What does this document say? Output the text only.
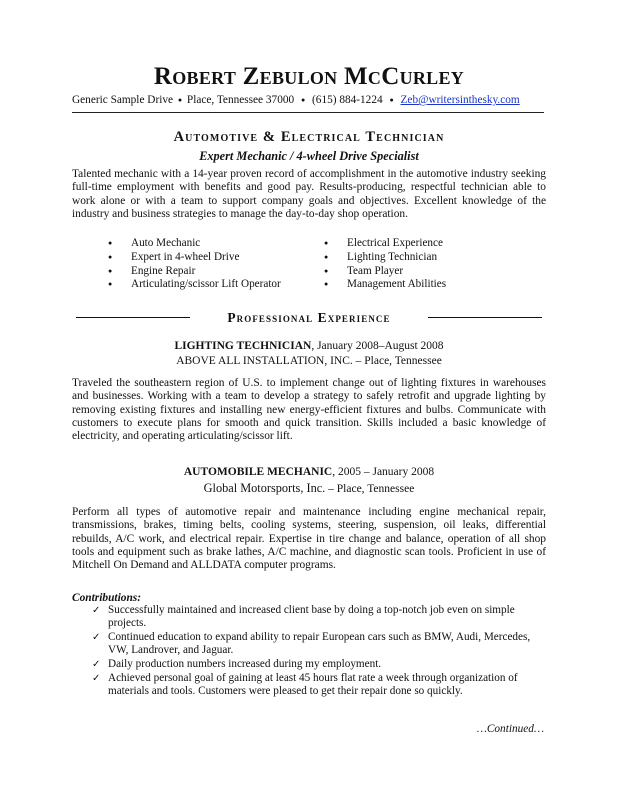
Robert Zebulon McCurley
Generic Sample Drive ● Place, Tennessee 37000 ● (615) 884-1224 ● Zeb@writersinthesky.com
Automotive & Electrical Technician
Expert Mechanic / 4-wheel Drive Specialist
Talented mechanic with a 14-year proven record of accomplishment in the automotive industry seeking full-time employment with benefits and good pay. Results-producing, respectful technician able to work alone or with a team to support company goals and objectives. Excellent knowledge of the industry and business strategies to manage the day-to-day shop operation.
● Auto Mechanic
● Expert in 4-wheel Drive
● Engine Repair
● Articulating/scissor Lift Operator
● Electrical Experience
● Lighting Technician
● Team Player
● Management Abilities
Professional Experience
LIGHTING TECHNICIAN, January 2008–August 2008
ABOVE ALL INSTALLATION, INC. – Place, Tennessee
Traveled the southeastern region of U.S. to implement change out of lighting fixtures in warehouses and businesses. Working with a team to develop a strategy to safely retrofit and upgrade lighting by removing existing fixtures and installing new energy-efficient fixtures and bulbs. Communicate with customers to execute plans for smooth and quick transition. Skills included a basic knowledge of electricity, and operating articulating/scissor lift.
AUTOMOBILE MECHANIC, 2005 – January 2008
Global Motorsports, Inc. – Place, Tennessee
Perform all types of automotive repair and maintenance including engine mechanical repair, transmissions, brakes, timing belts, cooling systems, steering, suspension, oil leaks, differential rebuilds, A/C work, and electrical repair. Expertise in tire change and balance, operation of all shop tools and equipment such as brake lathes, A/C machine, and diagnostic scan tools. Proficient in use of Mitchell On Demand and ALLDATA computer programs.
Contributions:
✓ Successfully maintained and increased client base by doing a top-notch job even on simple projects.
✓ Continued education to expand ability to repair European cars such as BMW, Audi, Mercedes, VW, Landrover, and Jaguar.
✓ Daily production numbers increased during my employment.
✓ Achieved personal goal of gaining at least 45 hours flat rate a week through organization of materials and tools. Customers were pleased to get their repair done so quickly.
…Continued…
